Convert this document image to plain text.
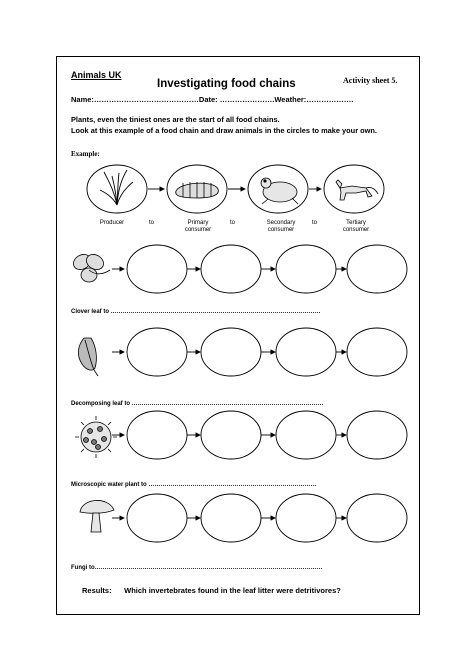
Animals UK
Investigating food chains	Activity sheet 5.
Name:……………………………………Date: ………………….Weather:……………….
Plants, even the tiniest ones are the start of all food chains.
Look at this example of a food chain and draw animals in the circles to make your own.
Example:
Producer	to	Primary consumer
to	Secondary consumer
to	Tertiary consumer
Clover leaf to ……………………………………………………………………………………………
Decomposing leaf to ……………………………………………………………………………………
Microscopic water plant to …………………………………………………………………………
Fungi to……………………………………………………………………………………………………
Results: Which invertebrates found in the leaf litter were detritivores?
